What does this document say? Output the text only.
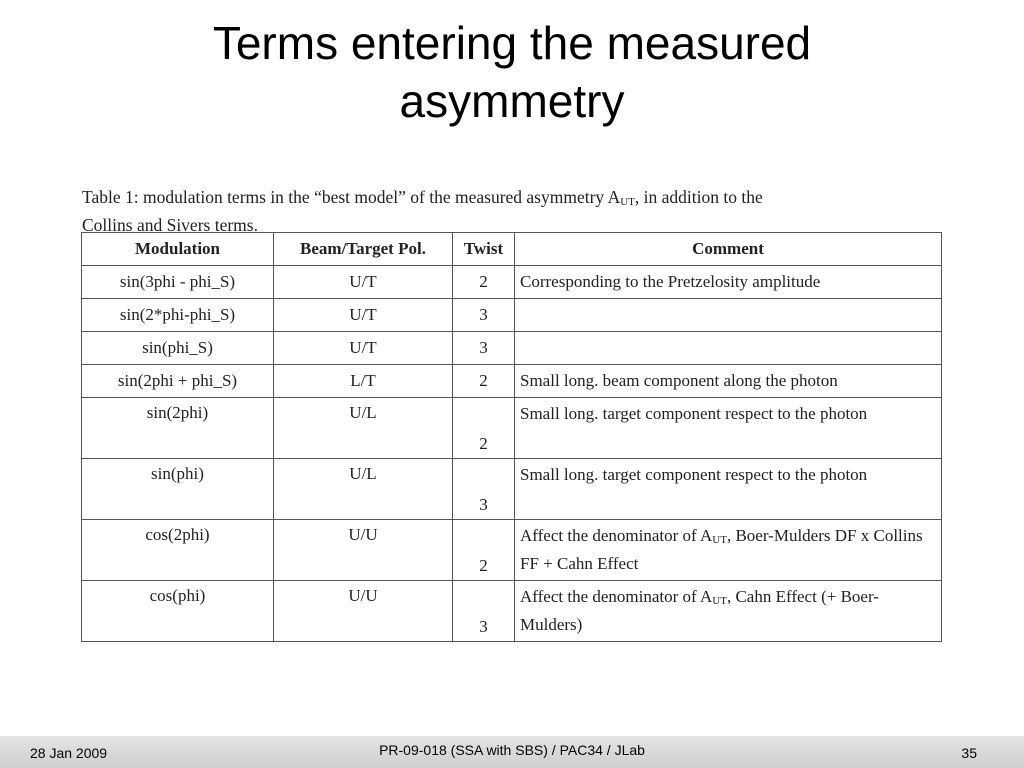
Terms entering the measured
asymmetry
Table 1: modulation terms in the “best model” of the measured asymmetry $A_{UT}$, in addition to the
Collins and Sivers terms.
Modulation	Beam/Target Pol.	Twist	Comment
sin(3phi - phi_S)	U/T	2	Corresponding to the Pretzelosity amplitude
sin(2*phi-phi_S)	U/T	3	
sin(phi_S)	U/T	3	
sin(2phi + phi_S)	L/T	2	Small long. beam component along the photon
sin(2phi)	U/L	2	Small long. target component respect to the photon
sin(phi)	U/L	3	Small long. target component respect to the photon
cos(2phi)	U/U	2	Affect the denominator of $A_{UT}$, Boer-Mulders DF x Collins FF + Cahn Effect
cos(phi)	U/U	3	Affect the denominator of $A_{UT}$, Cahn Effect (+ Boer-Mulders)
28 Jan 2009	PR-09-018 (SSA with SBS) / PAC34 / JLab	35
